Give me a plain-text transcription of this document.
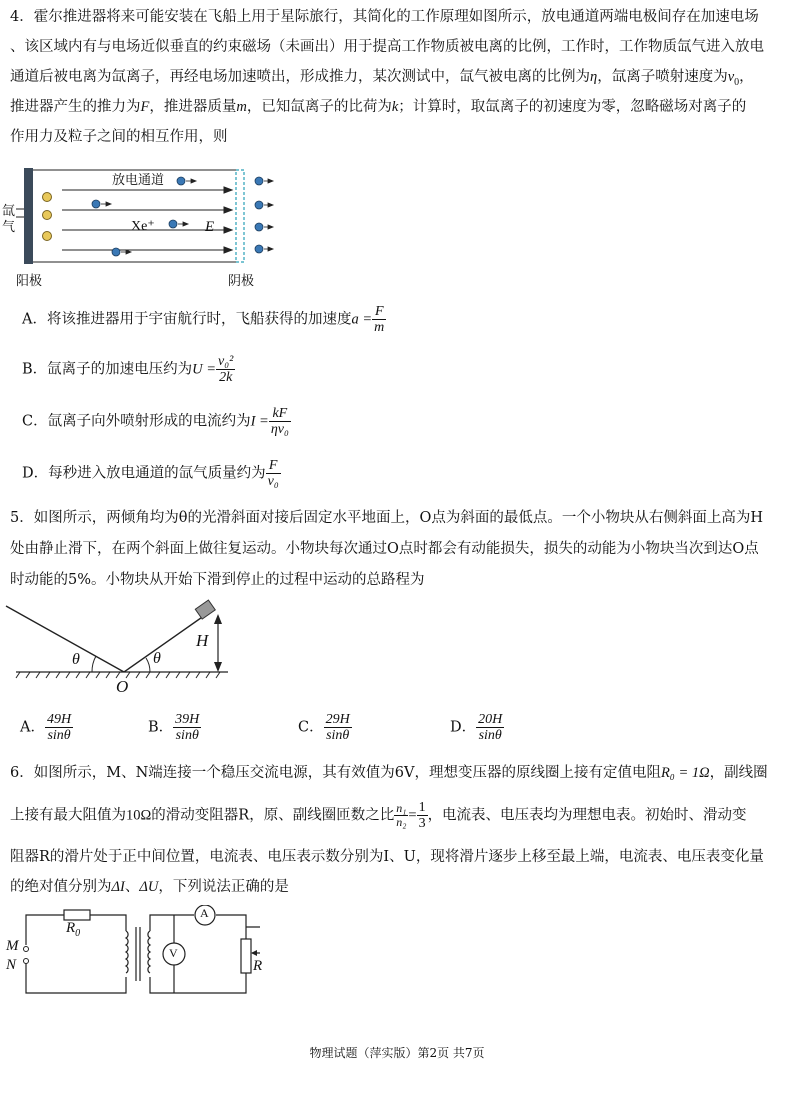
4．霍尔推进器将来可能安装在飞船上用于星际旅行，其简化的工作原理如图所示，放电通道两端电极间存在加速电场
、该区域内有与电场近似垂直的约束磁场（未画出）用于提高工作物质被电离的比例，工作时，工作物质氙气进入放电
通道后被电离为氙离子，再经电场加速喷出，形成推力，某次测试中，氙气被电离的比例为η，氙离子喷射速度为$v_0$，
推进器产生的推力为F，推进器质量m，已知氙离子的比荷为k；计算时，取氙离子的初速度为零，忽略磁场对离子的
作用力及粒子之间的相互作用，则
氙气
放电通道
E
Xe⁺
阳极	阴极
A．将该推进器用于宇宙航行时，飞船获得的加速度$a = \frac{F}{m}$
B．氙离子的加速电压约为$U = \frac{\text{v₀²}}{2k}$
C．氙离子向外喷射形成的电流约为$I = \frac{kF}{\text{ηv₀}}$
D．每秒进入放电通道的氙气质量约为 $\frac{F}{\text{v₀}}$
5．如图所示，两倾角均为θ的光滑斜面对接后固定水平地面上，O点为斜面的最低点。一个小物块从右侧斜面上高为H
处由静止滑下，在两个斜面上做往复运动。小物块每次通过O点时都会有动能损失，损失的动能为小物块当次到达O点
时动能的5%。小物块从开始下滑到停止的过程中运动的总路程为
θ	θ
O
H
A． $\frac{49H}{\sin\theta}$	B． $\frac{39H}{\sin\theta}$	C． $\frac{29H}{\sin\theta}$	D． $\frac{20H}{\sin\theta}$
6．如图所示，M、N端连接一个稳压交流电源，其有效值为6V，理想变压器的原线圈上接有定值电阻R₀ = 1Ω，副线圈
上接有最大阻值为10Ω的滑动变阻器R，原、副线圈匝数之比 $\frac{\text{n₁}}{\text{n₂}} = \frac{1}{3}$ ，电流表、电压表均为理想电表。初始时、滑动变
阻器R的滑片处于正中间位置，电流表、电压表示数分别为I、U，现将滑片逐步上移至最上端，电流表、电压表变化量
的绝对值分别为ΔI、ΔU，下列说法正确的是
M
N
$R_0$
A
V
R
物理试题（萍实版）第2页 共7页
